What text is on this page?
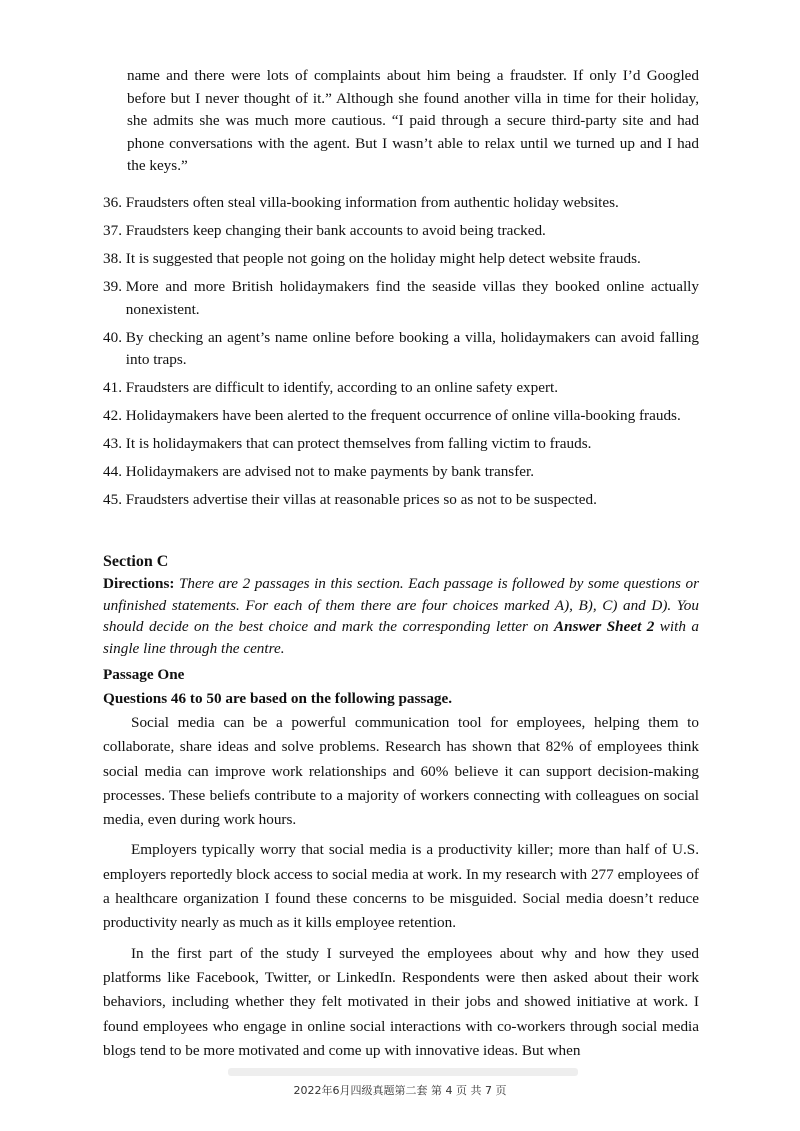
name and there were lots of complaints about him being a fraudster. If only I’d Googled before but I never thought of it.” Although she found another villa in time for their holiday, she admits she was much more cautious. “I paid through a secure third-party site and had phone conversations with the agent. But I wasn’t able to relax until we turned up and I had the keys.”

36. Fraudsters often steal villa-booking information from authentic holiday websites.
37. Fraudsters keep changing their bank accounts to avoid being tracked.
38. It is suggested that people not going on the holiday might help detect website frauds.
39. More and more British holidaymakers find the seaside villas they booked online actually nonexistent.
40. By checking an agent’s name online before booking a villa, holidaymakers can avoid falling into traps.
41. Fraudsters are difficult to identify, according to an online safety expert.
42. Holidaymakers have been alerted to the frequent occurrence of online villa-booking frauds.
43. It is holidaymakers that can protect themselves from falling victim to frauds.
44. Holidaymakers are advised not to make payments by bank transfer.
45. Fraudsters advertise their villas at reasonable prices so as not to be suspected.

Section C

Directions: There are 2 passages in this section. Each passage is followed by some questions or unfinished statements. For each of them there are four choices marked A), B), C) and D). You should decide on the best choice and mark the corresponding letter on Answer Sheet 2 with a single line through the centre.

Passage One

Questions 46 to 50 are based on the following passage.

Social media can be a powerful communication tool for employees, helping them to collaborate, share ideas and solve problems. Research has shown that 82% of employees think social media can improve work relationships and 60% believe it can support decision-making processes. These beliefs contribute to a majority of workers connecting with colleagues on social media, even during work hours.

Employers typically worry that social media is a productivity killer; more than half of U.S. employers reportedly block access to social media at work. In my research with 277 employees of a healthcare organization I found these concerns to be misguided. Social media doesn’t reduce productivity nearly as much as it kills employee retention.

In the first part of the study I surveyed the employees about why and how they used platforms like Facebook, Twitter, or LinkedIn. Respondents were then asked about their work behaviors, including whether they felt motivated in their jobs and showed initiative at work. I found employees who engage in online social interactions with co-workers through social media blogs tend to be more motivated and come up with innovative ideas. But when

2022年6月四级真题第二套 第 4 页 共 7 页
